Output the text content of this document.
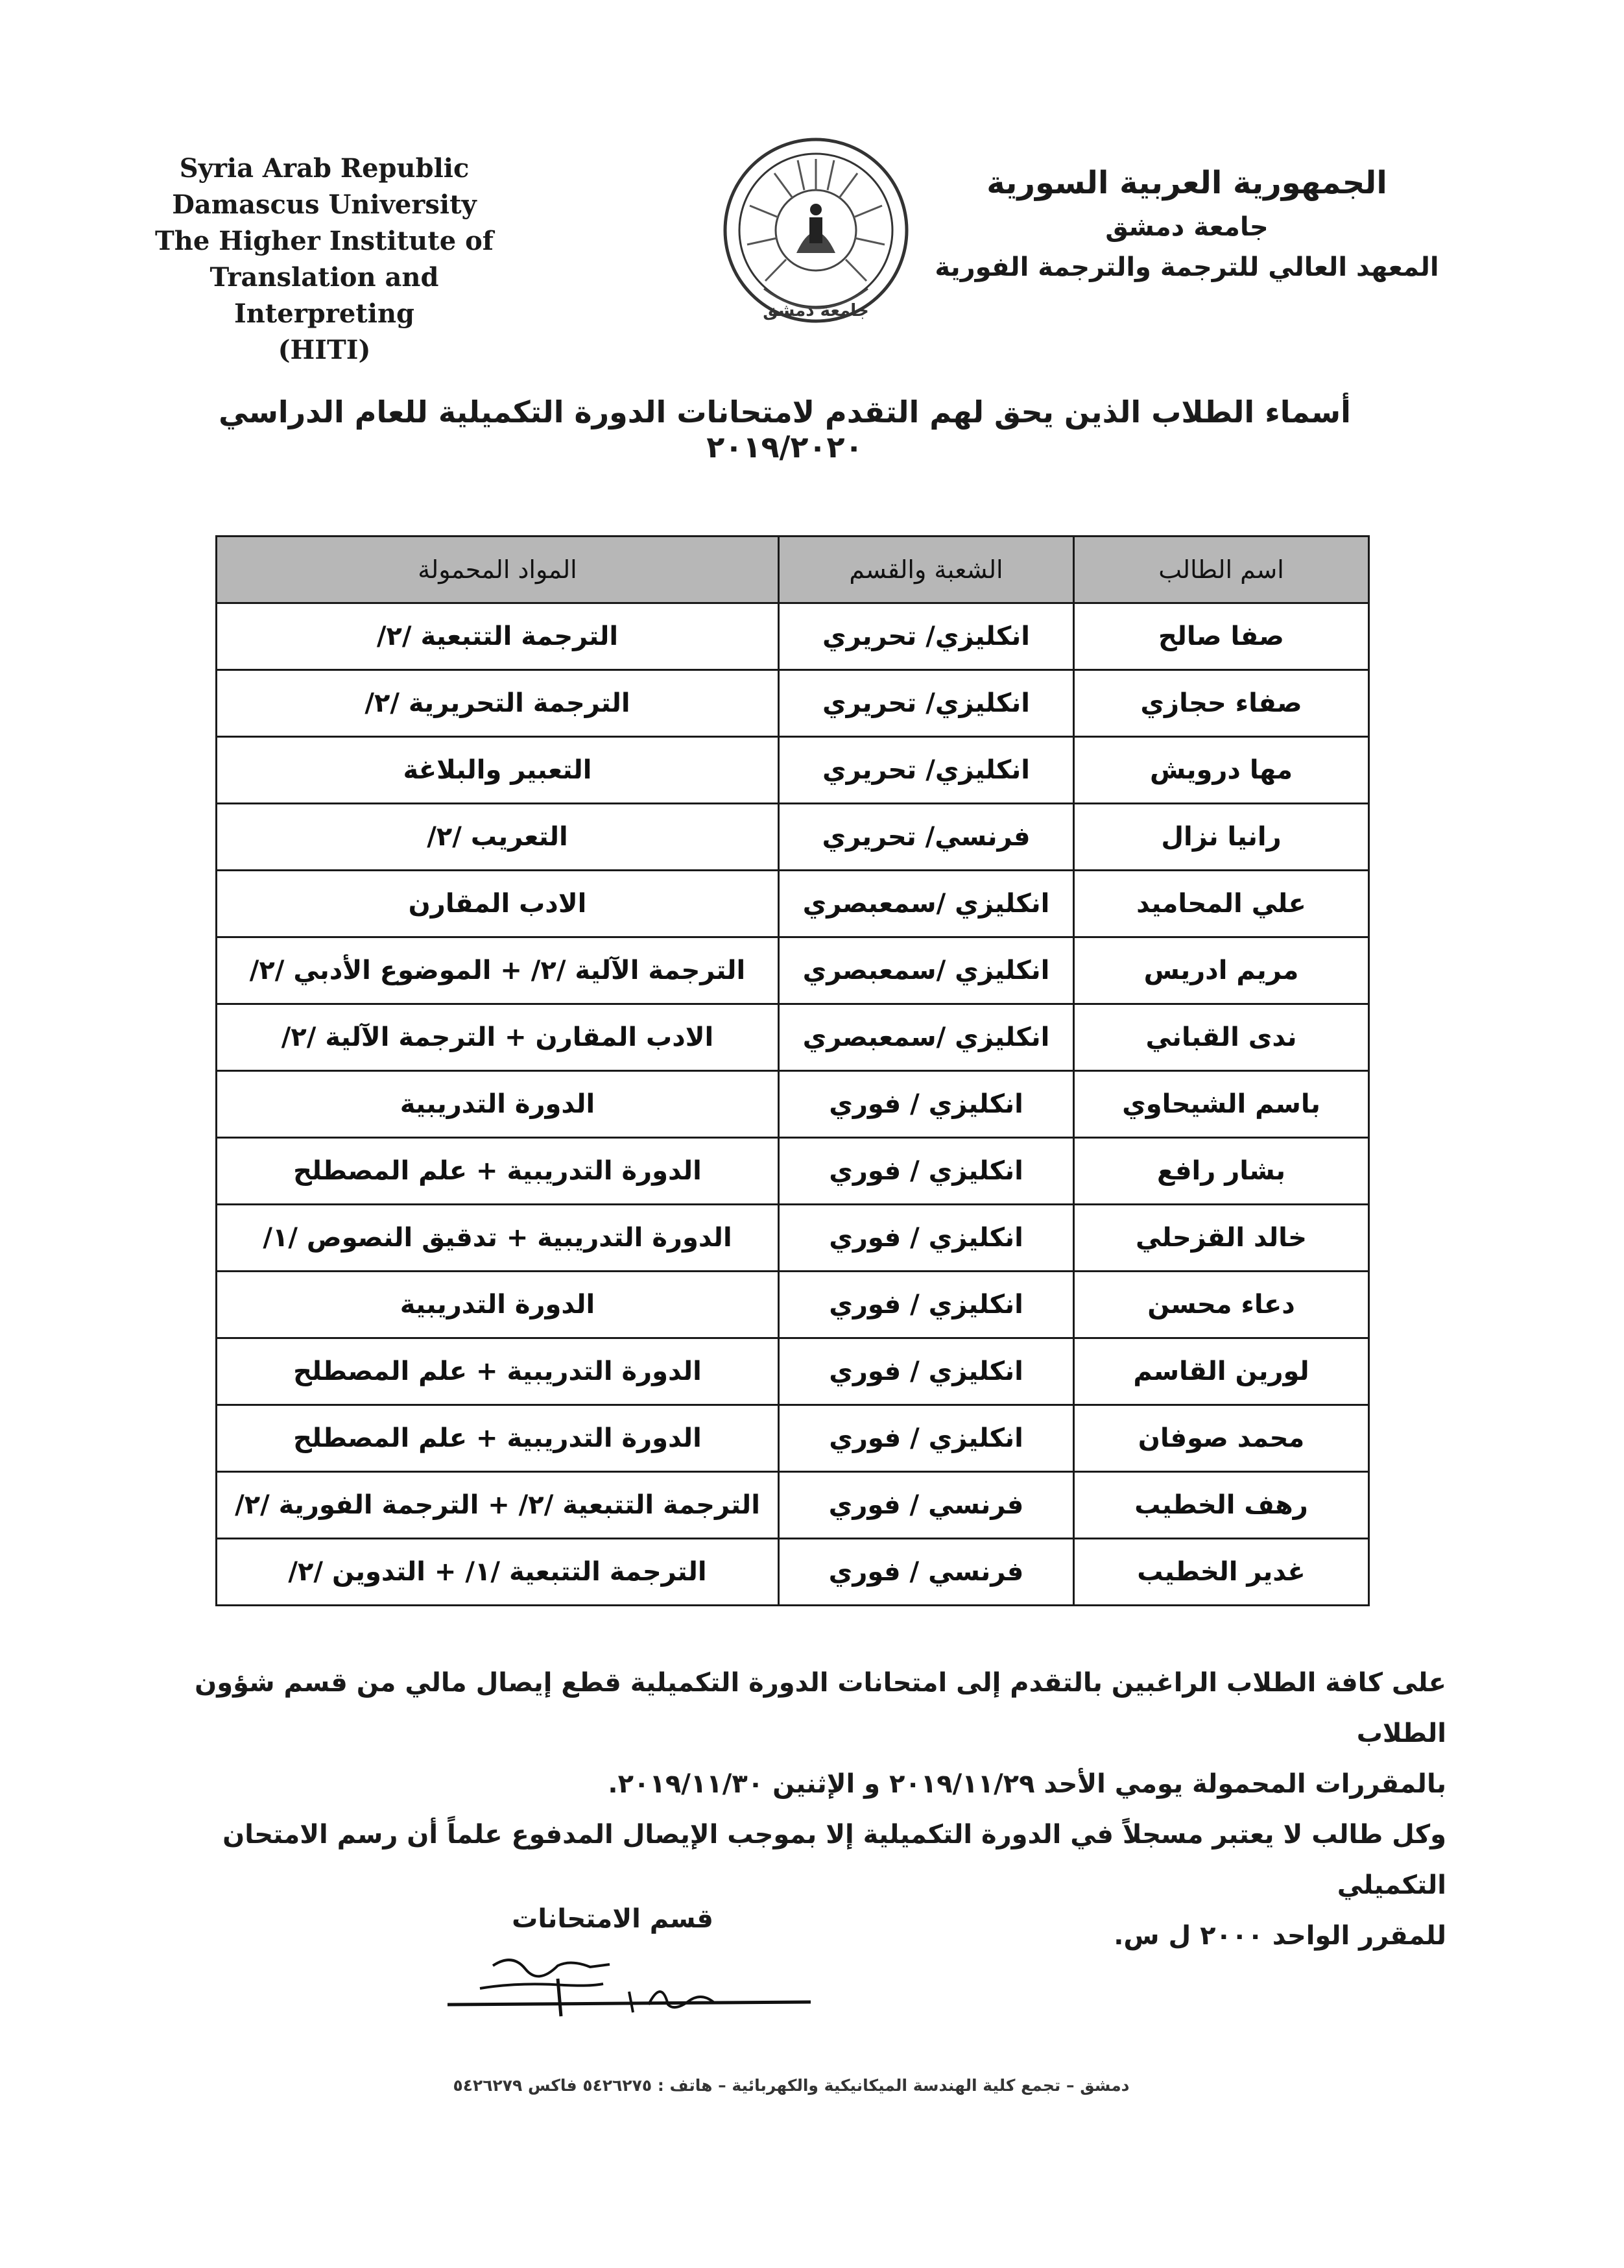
Syria Arab Republic
Damascus University
The Higher Institute of
Translation and Interpreting
(HITI)
جامعة دمشق
الجمهورية العربية السورية
جامعة دمشق
المعهد العالي للترجمة والترجمة الفورية
أسماء الطلاب الذين يحق لهم التقدم لامتحانات الدورة التكميلية للعام الدراسي ٢٠١٩/٢٠٢٠
اسم الطالب	الشعبة والقسم	المواد المحمولة
صفا صالح	انكليزي/ تحريري	الترجمة التتبعية /٢/
صفاء حجازي	انكليزي/ تحريري	الترجمة التحريرية /٢/
مها درويش	انكليزي/ تحريري	التعبير والبلاغة
رانيا نزال	فرنسي/ تحريري	التعريب /٢/
علي المحاميد	انكليزي /سمعبصري	الادب المقارن
مريم ادريس	انكليزي /سمعبصري	الترجمة الآلية /٢/ + الموضوع الأدبي /٢/
ندى القباني	انكليزي /سمعبصري	الادب المقارن + الترجمة الآلية /٢/
باسم الشيحاوي	انكليزي / فوري	الدورة التدريبية
بشار رافع	انكليزي / فوري	الدورة التدريبية + علم المصطلح
خالد القزحلي	انكليزي / فوري	الدورة التدريبية + تدقيق النصوص /١/
دعاء محسن	انكليزي / فوري	الدورة التدريبية
لورين القاسم	انكليزي / فوري	الدورة التدريبية + علم المصطلح
محمد صوفان	انكليزي / فوري	الدورة التدريبية + علم المصطلح
رهف الخطيب	فرنسي / فوري	الترجمة التتبعية /٢/ + الترجمة الفورية /٢/
غدير الخطيب	فرنسي / فوري	الترجمة التتبعية /١/ + التدوين /٢/

على كافة الطلاب الراغبين بالتقدم إلى امتحانات الدورة التكميلية قطع إيصال مالي من قسم شؤون الطلاب

بالمقررات المحمولة يومي الأحد ٢٠١٩/١١/٢٩ و الإثنين ٢٠١٩/١١/٣٠.

وكل طالب لا يعتبر مسجلاً في الدورة التكميلية إلا بموجب الإيصال المدفوع علماً أن رسم الامتحان التكميلي

للمقرر الواحد ٢٠٠٠ ل س.

قسم الامتحانات
دمشق – تجمع كلية الهندسة الميكانيكية والكهربائية – هاتف : ٥٤٢٦٢٧٥ فاكس ٥٤٢٦٢٧٩
